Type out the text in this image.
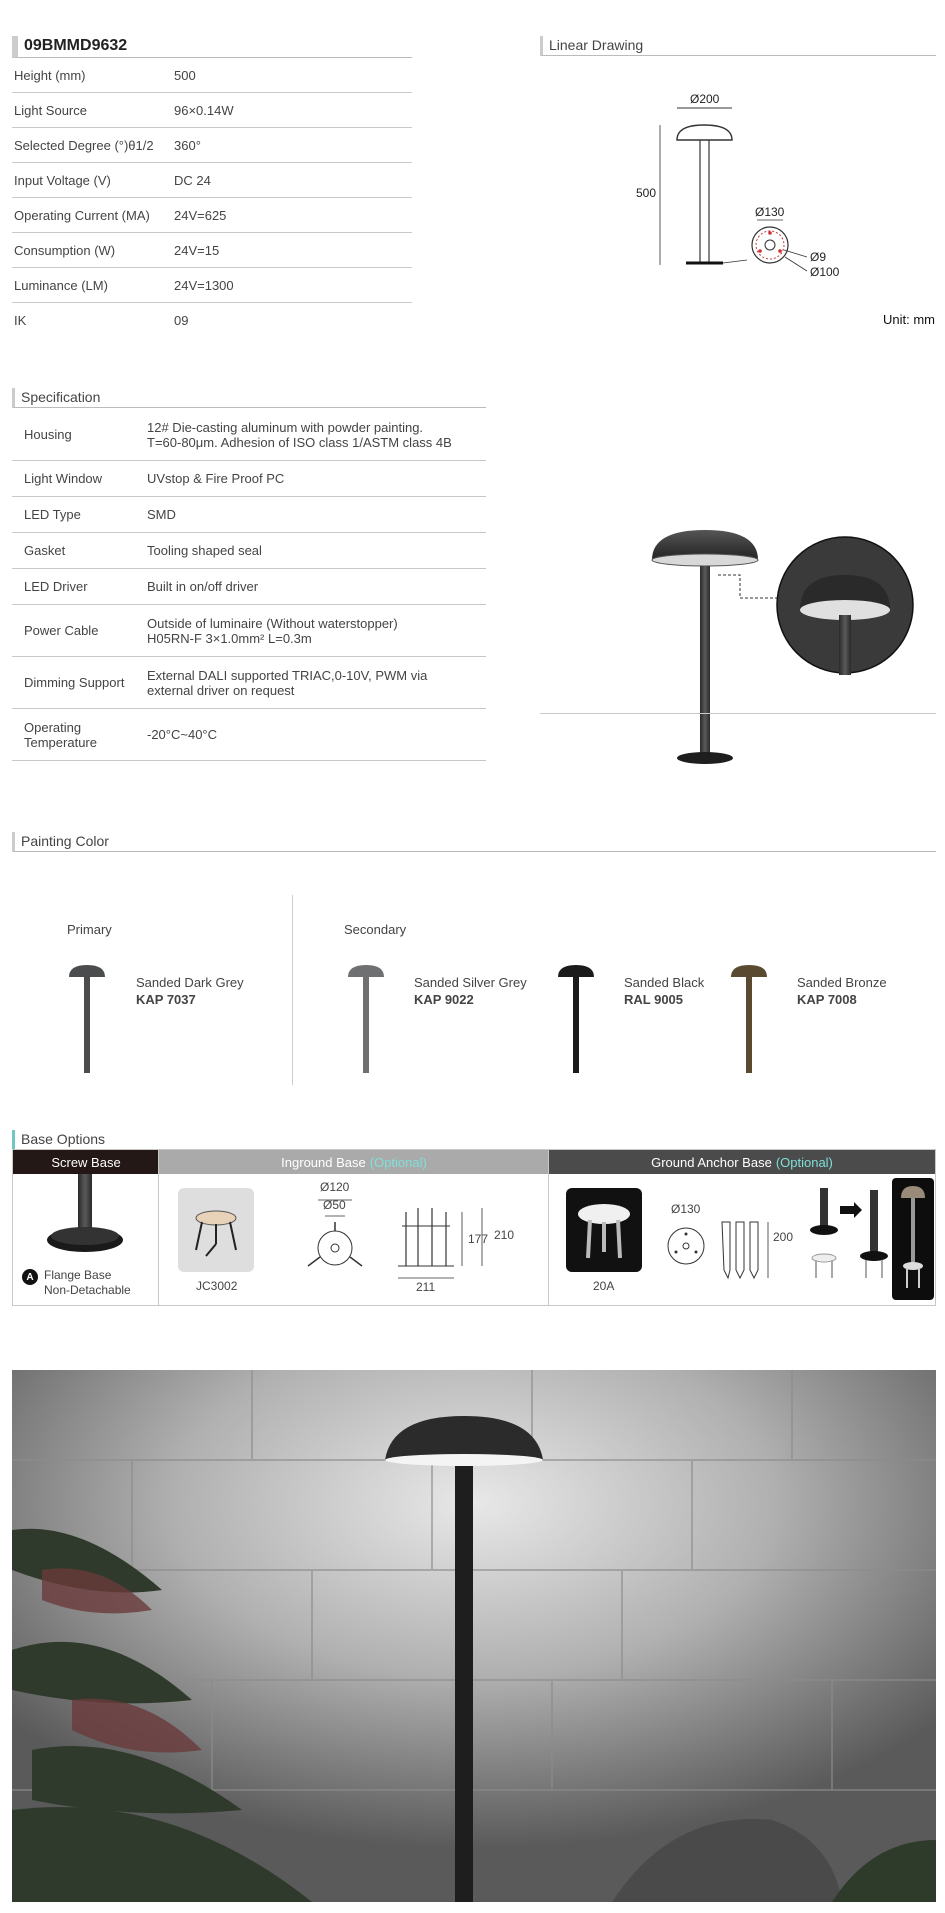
09BMMD9632
Height (mm)	500
Light Source	96×0.14W
Selected Degree (°)θ1/2	360°
Input Voltage (V)	DC 24
Operating Current (MA)	24V=625
Consumption (W)	24V=15
Luminance (LM)	24V=1300
IK	09
Linear Drawing
Ø200
500
Ø130
Ø9
Ø100
Unit: mm
Specification
Housing	12# Die-casting aluminum with powder painting.
T=60-80μm. Adhesion of ISO class 1/ASTM class 4B
Light Window	UVstop & Fire Proof PC
LED Type	SMD
Gasket	Tooling shaped seal
LED Driver	Built in on/off driver
Power Cable	Outside of luminaire (Without waterstopper)
H05RN-F 3×1.0mm² L=0.3m
Dimming Support	External DALI supported TRIAC,0-10V, PWM via
external driver on request
Operating
Temperature	-20°C~40°C
Painting Color
Primary	Secondary
Sanded Dark Grey
KAP 7037
Sanded Silver Grey
KAP 9022
Sanded Black
RAL 9005
Sanded Bronze
KAP 7008
Base Options
Screw Base	Inground Base (Optional)	Ground Anchor Base (Optional)
A Flange Base
Non-Detachable	JC3002
Ø120
Ø50
177 210
211	20A
Ø130
200
